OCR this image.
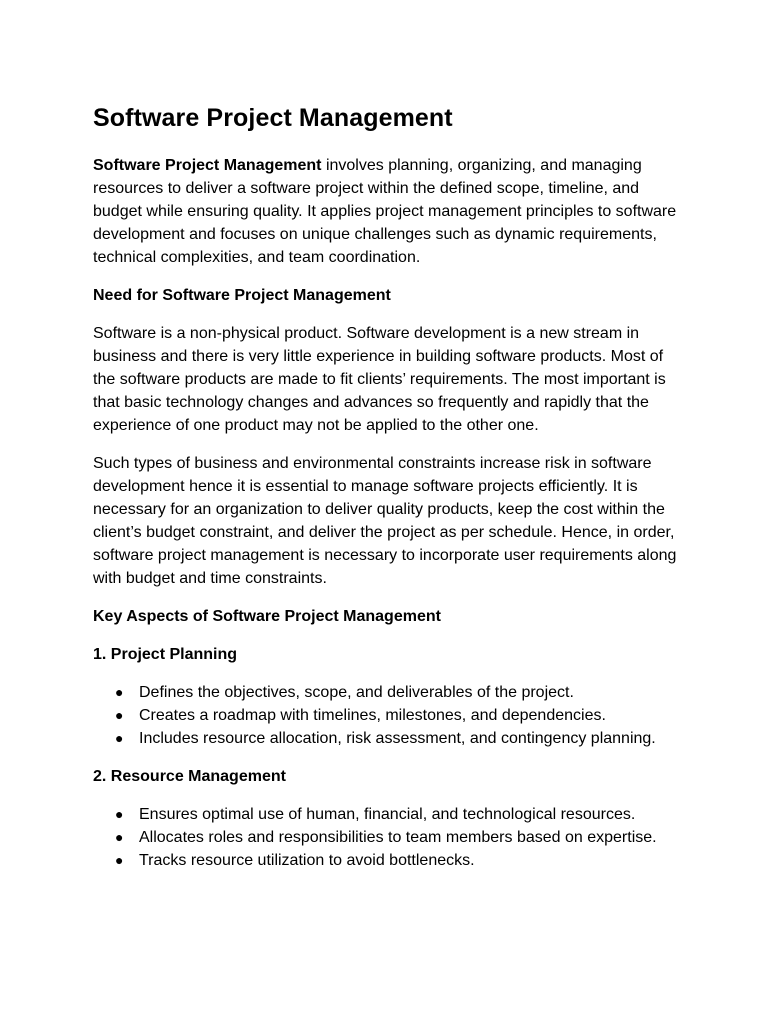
Software Project Management

Software Project Management involves planning, organizing, and managing resources to deliver a software project within the defined scope, timeline, and budget while ensuring quality. It applies project management principles to software development and focuses on unique challenges such as dynamic requirements, technical complexities, and team coordination.

Need for Software Project Management

Software is a non-physical product. Software development is a new stream in business and there is very little experience in building software products. Most of the software products are made to fit clients’ requirements. The most important is that basic technology changes and advances so frequently and rapidly that the experience of one product may not be applied to the other one.

Such types of business and environmental constraints increase risk in software development hence it is essential to manage software projects efficiently. It is necessary for an organization to deliver quality products, keep the cost within the client’s budget constraint, and deliver the project as per schedule. Hence, in order, software project management is necessary to incorporate user requirements along with budget and time constraints.

Key Aspects of Software Project Management
1. Project Planning
● Defines the objectives, scope, and deliverables of the project.
● Creates a roadmap with timelines, milestones, and dependencies.
● Includes resource allocation, risk assessment, and contingency planning.
2. Resource Management
● Ensures optimal use of human, financial, and technological resources.
● Allocates roles and responsibilities to team members based on expertise.
● Tracks resource utilization to avoid bottlenecks.
